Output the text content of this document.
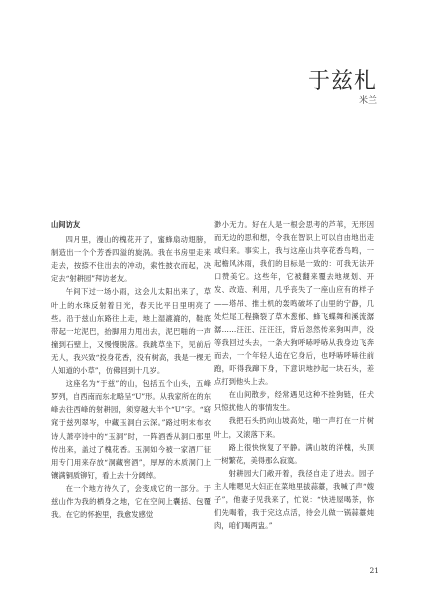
于兹札
米兰

山间访友

四月里，漫山的槐花开了，蜜蜂扇动翅膀，制造出一个个芳香四溢的旋涡。我在书房里走来走去，按捺不住出去的冲动，索性披衣而起，决定去“射耕园”拜访老友。

午间下过一场小雨，这会儿太阳出来了，草叶上的水珠反射着日光，春天比平日里明亮了些。沿于兹山东路往上走，地上湿漉漉的，鞋底带起一坨泥巴，抬脚用力甩出去，泥巴啪的一声撞到石壁上，又慢慢脱落。我跳草坐下，见前后无人，我兴致“投身花香，没有树高，我是一棵无人知道的小草”，仿佛回到十几岁。

这座名为“于兹”的山，包括五个山头，五峰罗列，自西南而东北略呈“U”形。从我家所在的东峰去往西峰的射耕园，须穿越大半个“U”字。“窈窕于兹列翠岑，中藏玉洞白云深。”路过明末布衣诗人萧亭诗中的“玉洞”时，一阵酒香从洞口那里传出来，盖过了槐花香。玉洞如今被一家酒厂征用专门用来存放“洞藏窖酒”，厚厚的木质洞门上镶满铜质铆钉，看上去十分阔绰。

在一个地方待久了，会变成它的一部分。于兹山作为我的栖身之地，它在空间上囊括、包覆我。在它的怀抱里，我愈发感觉

渺小无力。好在人是一根会思考的芦苇，无形因而无边的思和想，令我在智识上可以自由地出走或归来。事实上，我与这座山共享花香鸟鸣，一起檐风沐雨，我们的目标是一致的：可我无法开口赞美它。这些年，它被翻来覆去地规划、开发、改造、利用，几乎丧失了一座山应有的样子——塔吊、推土机的轰鸣破坏了山里的宁静，几处烂尾工程撕裂了草木葱郁、蜂飞蝶舞和溪流潺潺……汪汪、汪汪汪，背后忽然传来狗叫声，没等我回过头去，一条大狗呼哧呼哧从我身边飞奔而去，一个年轻人追在它身后，也呼哧呼哧往前跑，吓得我蹿下身，下意识地抄起一块石头，差点打到他头上去。

在山间散步，经常遇见这种不拴狗链，任犬只惊扰他人的事情发生。

我把石头扔向山坡高处，啪一声打在一片树叶上，又滚落下来。

路上很快恢复了平静。满山坡的洋槐，头顶一树繁花，美得那么寂寞。

射耕园大门敞开着，我径自走了进去。园子主人唯嗯见大妇正在菜地里拔蒜薹，我喊了声“嫂子”，他妻子见我来了，忙说：“快进屋喝茶，你们先喝着，我于完这点活，待会儿做一锅蒜薹炖肉，咱们喝两盅。”

21
